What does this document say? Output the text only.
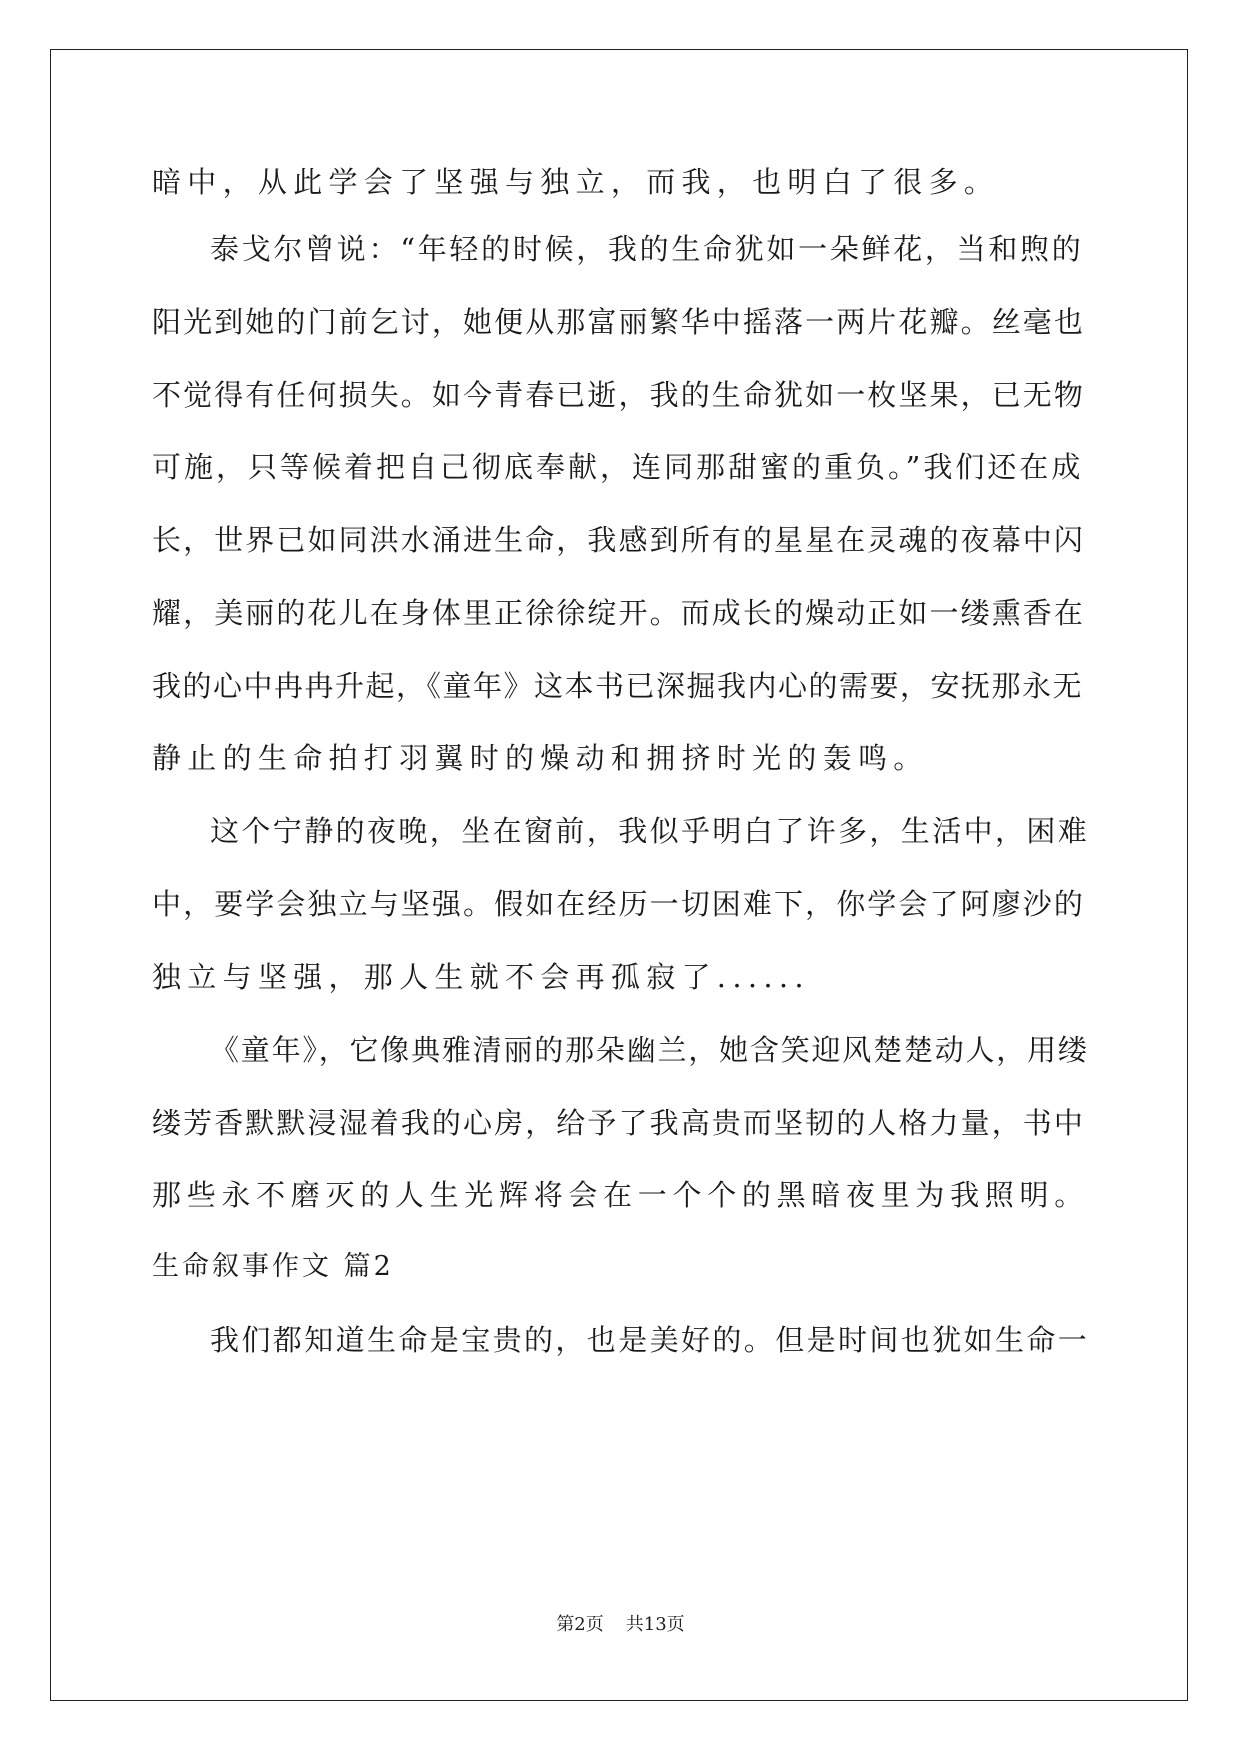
暗中，从此学会了坚强与独立，而我，也明白了很多。
泰戈尔曾说：“年轻的时候，我的生命犹如一朵鲜花，当和煦的
阳光到她的门前乞讨，她便从那富丽繁华中摇落一两片花瓣。丝毫也
不觉得有任何损失。如今青春已逝，我的生命犹如一枚坚果，已无物
可施，只等候着把自己彻底奉献，连同那甜蜜的重负。”我们还在成
长，世界已如同洪水涌进生命，我感到所有的星星在灵魂的夜幕中闪
耀，美丽的花儿在身体里正徐徐绽开。而成长的燥动正如一缕熏香在
我的心中冉冉升起，《童年》这本书已深掘我内心的需要，安抚那永无
静止的生命拍打羽翼时的燥动和拥挤时光的轰鸣。
这个宁静的夜晚，坐在窗前，我似乎明白了许多，生活中，困难
中，要学会独立与坚强。假如在经历一切困难下，你学会了阿廖沙的
独立与坚强，那人生就不会再孤寂了......
《童年》，它像典雅清丽的那朵幽兰，她含笑迎风楚楚动人，用缕
缕芳香默默浸湿着我的心房，给予了我高贵而坚韧的人格力量，书中
那些永不磨灭的人生光辉将会在一个个的黑暗夜里为我照明。
生命叙事作文 篇2
我们都知道生命是宝贵的，也是美好的。但是时间也犹如生命一
第2页 共13页
